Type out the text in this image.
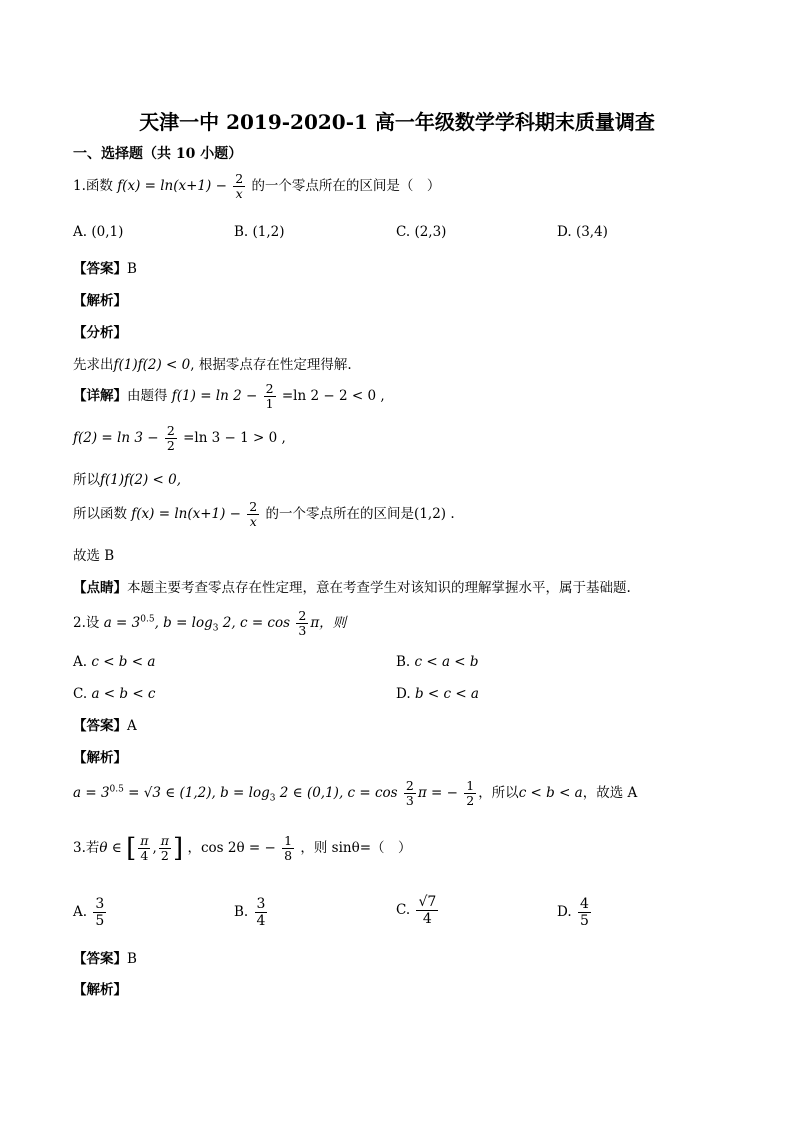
天津一中 2019-2020-1 高一年级数学学科期末质量调查
一、选择题（共 10 小题）
1.函数 $f(x) = \ln(x+1) - \frac{2}{x}$ 的一个零点所在的区间是（　）
A. (0,1)	B. (1,2)	C. (2,3)	D. (3,4)
【答案】B
【解析】
【分析】
先求出f(1)f(2) < 0, 根据零点存在性定理得解.
【详解】由题得 $f(1) = \ln 2 - \frac{2}{1} =\ln$ 2 − 2 < 0 ,
$f(2) = \ln 3 - \frac{2}{2} =\ln$ 3 − 1 > 0 ,
所以f(1)f(2) < 0,
所以函数 $f(x) = \ln(x+1) - \frac{2}{x}$ 的一个零点所在的区间是(1,2) .
故选 B
【点睛】本题主要考查零点存在性定理，意在考查学生对该知识的理解掌握水平，属于基础题.
2.设 $a = 3^{0.5}$, $b = \log_3 2$, $c = \cos \frac{2}{3}$ π，则
A. c < b < a	B. c < a < b
C. a < b < c	D. b < c < a
【答案】A
【解析】
$a = 3^{0.5} = √3$ ∈ (1,2), $b = \log_3 2$ ∈ (0,1), $c = \cos \frac{2}{3}$ π = − $\frac{1}{2}$ ，所以c < b < a，故选 A
3.若θ ∈ [ $\frac{\pi}{4}$ , $\frac{\pi}{2}$ ] ，cos 2θ = − $\frac{1}{8}$ ，则 sinθ=（　）
A. $\frac{3}{5}$	B. $\frac{3}{4}$	C. $\frac{√7}{4}$	D. $\frac{4}{5}$
【答案】B
【解析】
